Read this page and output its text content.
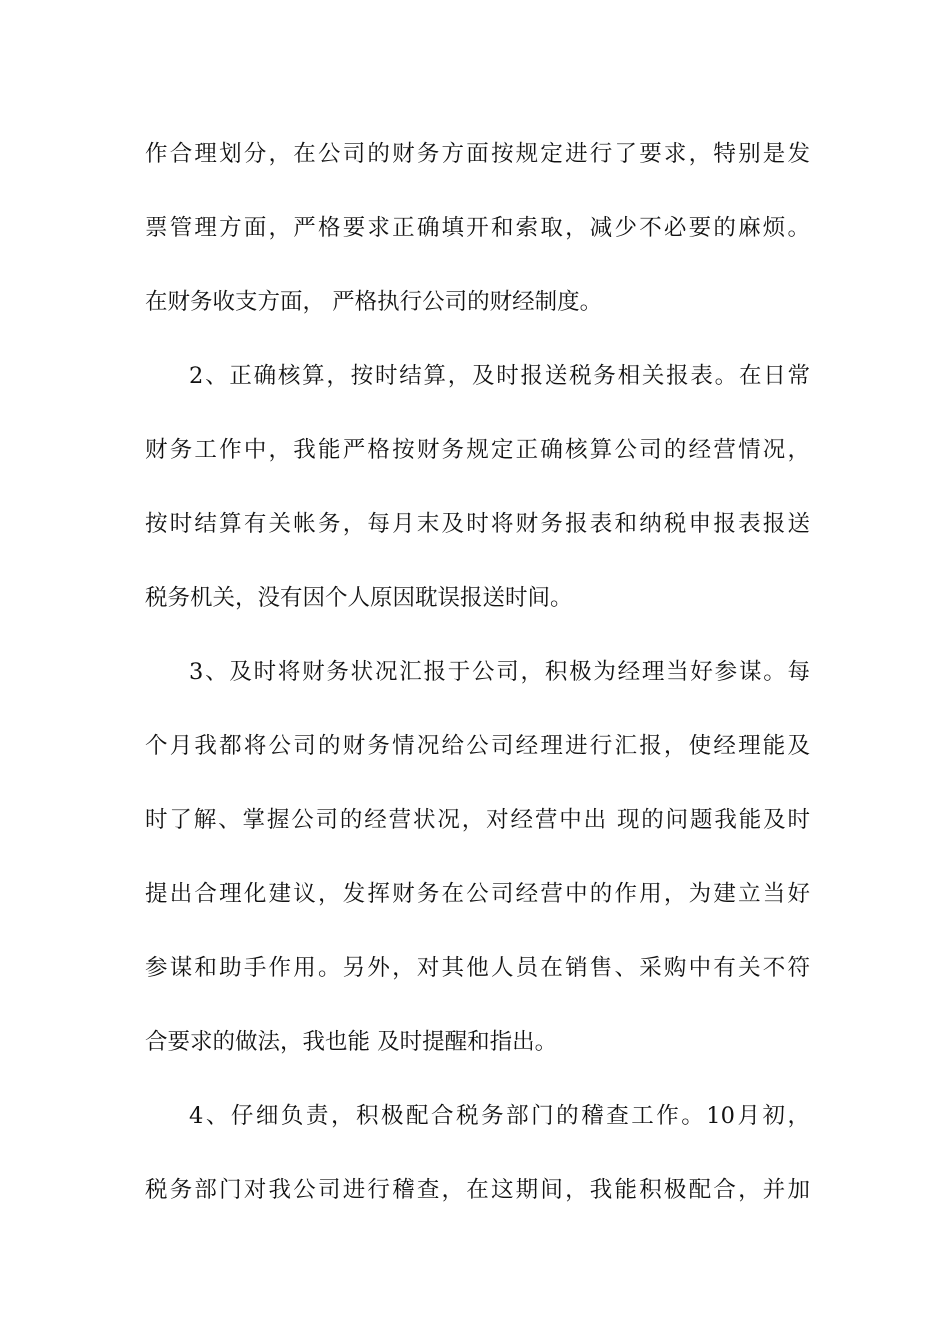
作合理划分，在公司的财务方面按规定进行了要求，特别是发
票管理方面，严格要求正确填开和索取，减少不必要的麻烦。
在财务收支方面， 严格执行公司的财经制度。
2、正确核算，按时结算，及时报送税务相关报表。在日常
财务工作中，我能严格按财务规定正确核算公司的经营情况，
按时结算有关帐务，每月末及时将财务报表和纳税申报表报送
税务机关，没有因个人原因耽误报送时间。
3、及时将财务状况汇报于公司，积极为经理当好参谋。每
个月我都将公司的财务情况给公司经理进行汇报，使经理能及
时了解、掌握公司的经营状况，对经营中出 现的问题我能及时
提出合理化建议，发挥财务在公司经营中的作用，为建立当好
参谋和助手作用。另外，对其他人员在销售、采购中有关不符
合要求的做法，我也能 及时提醒和指出。
4、仔细负责，积极配合税务部门的稽查工作。10月初，
税务部门对我公司进行稽查，在这期间，我能积极配合，并加
